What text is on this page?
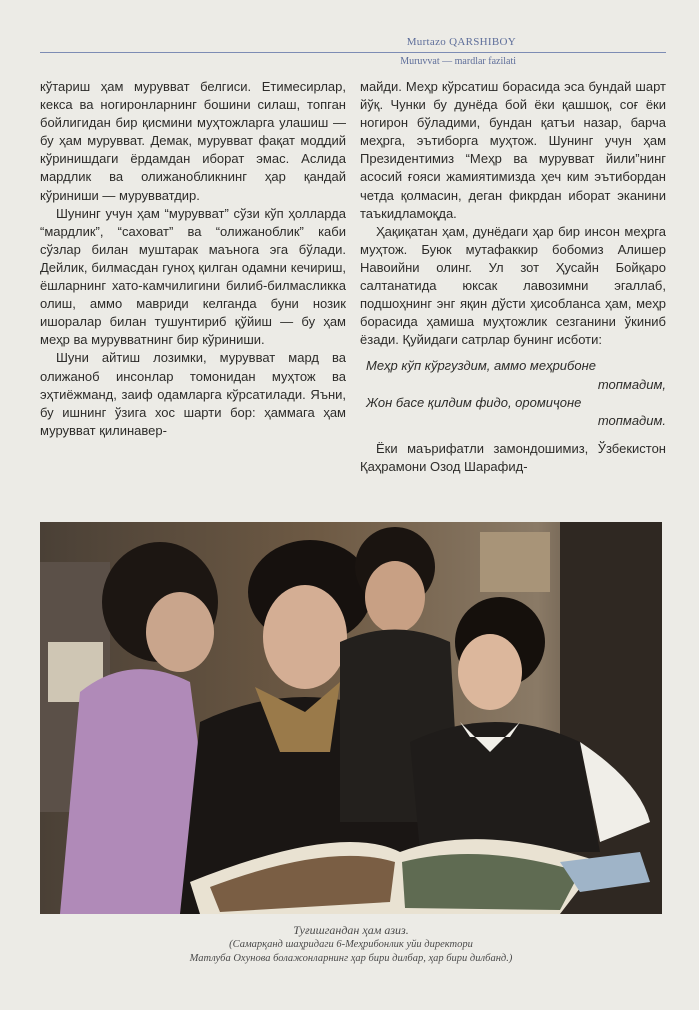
Murtazo QARSHIBOY
Muruvvat — mardlar fazilati

кўтариш ҳам мурувват белгиси. Етимесирлар, кекса ва ногиронларнинг бошини силаш, топган бойлигидан бир қисмини муҳтожларга улашиш — бу ҳам мурувват. Демак, мурувват фақат моддий кўринишдаги ёрдамдан иборат эмас. Аслида мардлик ва олижанобликнинг ҳар қандай кўриниши — мурувватдир.

Шунинг учун ҳам “мурувват” сўзи кўп ҳолларда “мардлик”, “саховат” ва “олижаноблик” каби сўзлар билан муштарак маънога эга бўлади. Дейлик, билмасдан гуноҳ қилган одамни кечириш, ёшларнинг хато-камчилигини билиб-билмасликка олиш, аммо мавриди келганда буни нозик ишоралар билан тушунтириб қўйиш — бу ҳам меҳр ва мурувватнинг бир кўриниши.

Шуни айтиш лозимки, мурувват мард ва олижаноб инсонлар томонидан муҳтож ва эҳтиёжманд, заиф одамларга кўрсатилади. Яъни, бу ишнинг ўзига хос шарти бор: ҳаммага ҳам мурувват қилинавер-

майди. Меҳр кўрсатиш борасида эса бундай шарт йўқ. Чунки бу дунёда бой ёки қашшоқ, соғ ёки ногирон бўладими, бундан қатъи назар, барча меҳрга, эътиборга муҳтож. Шунинг учун ҳам Президентимиз “Меҳр ва мурувват йили”нинг асосий ғояси жамиятимизда ҳеч ким эътибордан четда қолмасин, деган фикрдан иборат эканини таъкидламоқда.

Ҳақиқатан ҳам, дунёдаги ҳар бир инсон меҳрга муҳтож. Буюк мутафаккир бобомиз Алишер Навоийни олинг. Ул зот Ҳусайн Бойқаро салтанатида юксак лавозимни эгаллаб, подшоҳнинг энг яқин дўсти ҳисобланса ҳам, меҳр борасида ҳамиша муҳтожлик сезганини ўкиниб ёзади. Қуйидаги сатрлар бунинг исботи:

Меҳр кўп кўргуздим, аммо меҳрибоне
топмадим,
Жон басе қилдим фидо, оромиҷоне
топмадим.

Ёки маърифатли замондошимиз, Ўзбекистон Қаҳрамони Озод Шарафид-

Туғишгандан ҳам азиз.
(Самарқанд шаҳридаги 6-Меҳрибонлик уйи директори
Матлуба Охунова болажонларнинг ҳар бири дилбар, ҳар бири дилбанд.)
